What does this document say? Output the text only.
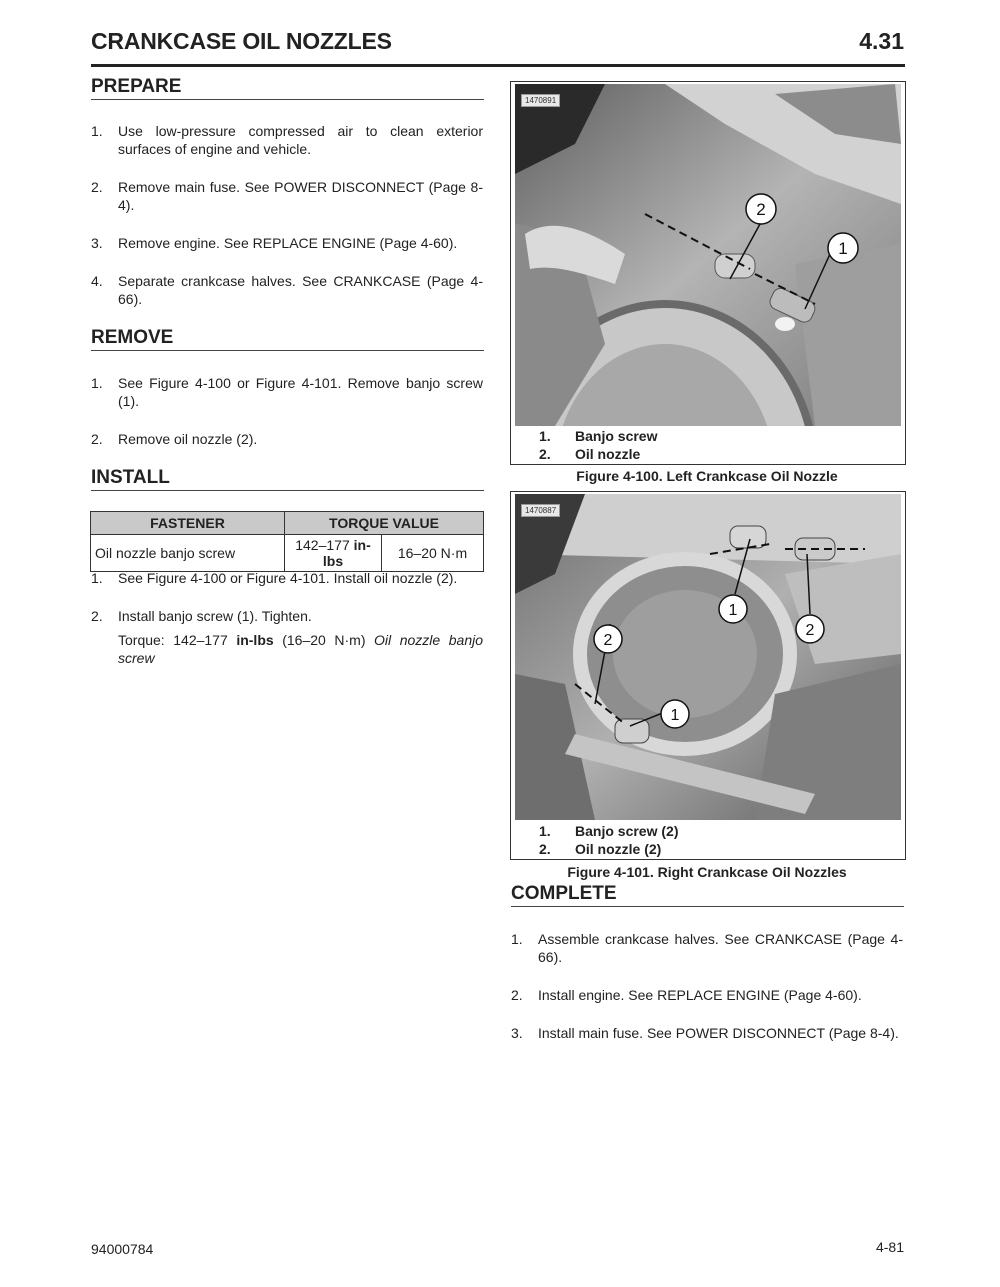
CRANKCASE OIL NOZZLES	4.31
PREPARE
1. Use low-pressure compressed air to clean exterior surfaces of engine and vehicle.
2. Remove main fuse. See POWER DISCONNECT (Page 8-4).
3. Remove engine. See REPLACE ENGINE (Page 4-60).
4. Separate crankcase halves. See CRANKCASE (Page 4-66).
REMOVE
1. See Figure 4-100 or Figure 4-101. Remove banjo screw (1).
2. Remove oil nozzle (2).
INSTALL
FASTENER	TORQUE VALUE	
Oil nozzle banjo screw	142–177 in-lbs	16–20 N·m
1. See Figure 4-100 or Figure 4-101. Install oil nozzle (2).
2. Install banjo screw (1). Tighten.
Torque: 142–177 in-lbs (16–20 N·m) Oil nozzle banjo screw
2
1
1470891
1. Banjo screw
2. Oil nozzle
Figure 4-100. Left Crankcase Oil Nozzle
1
2
2
1
1470887
1. Banjo screw (2)
2. Oil nozzle (2)
Figure 4-101. Right Crankcase Oil Nozzles
COMPLETE
1. Assemble crankcase halves. See CRANKCASE (Page 4-66).
2. Install engine. See REPLACE ENGINE (Page 4-60).
3. Install main fuse. See POWER DISCONNECT (Page 8-4).
94000784	4-81
